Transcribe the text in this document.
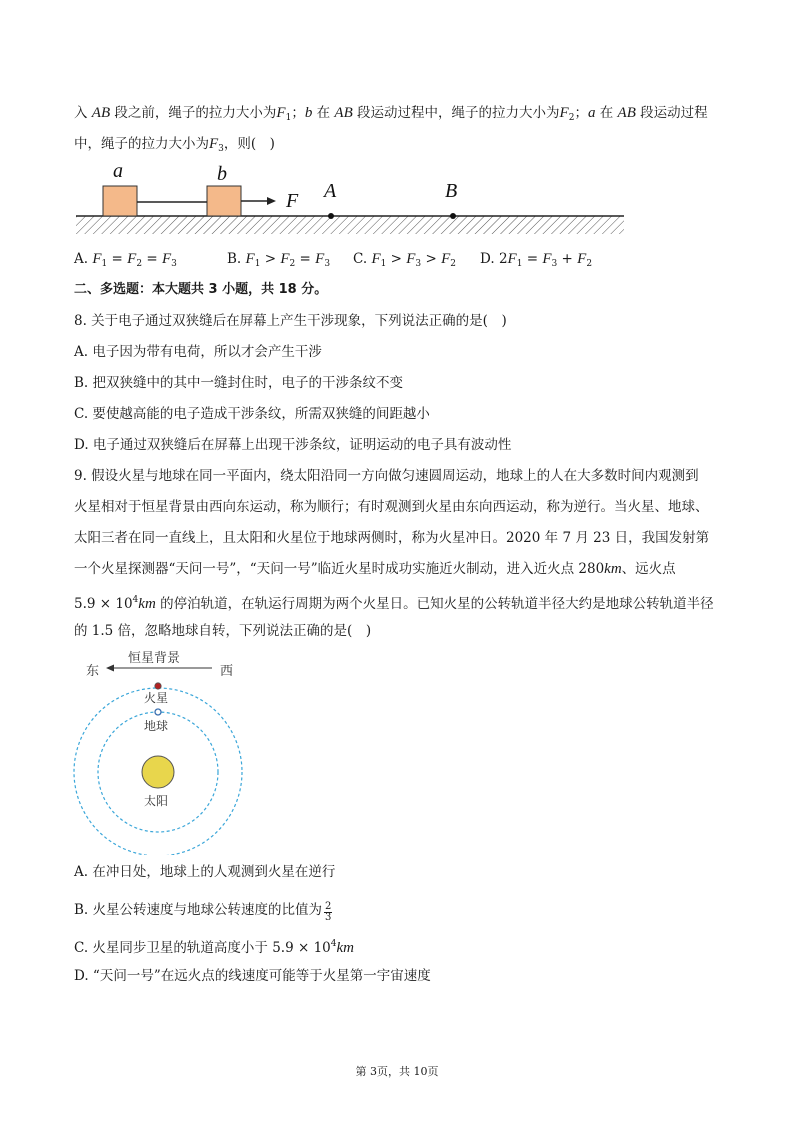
入 AB 段之前，绳子的拉力大小为$F_1$；b 在 AB 段运动过程中，绳子的拉力大小为$F_2$；a 在 AB 段运动过程
中，绳子的拉力大小为$F_3$，则(　)
a	b
F A	B
A. $F_1 = F_2 = F_3$	B. $F_1 > F_2 = F_3$ C. $F_1 > F_3 > F_2$ D. $2F_1 = F_3 + F_2$
二、多选题：本大题共 3 小题，共 18 分。
8. 关于电子通过双狭缝后在屏幕上产生干涉现象，下列说法正确的是(　)
A. 电子因为带有电荷，所以才会产生干涉
B. 把双狭缝中的其中一缝封住时，电子的干涉条纹不变
C. 要使越高能的电子造成干涉条纹，所需双狭缝的间距越小
D. 电子通过双狭缝后在屏幕上出现干涉条纹，证明运动的电子具有波动性
9. 假设火星与地球在同一平面内，绕太阳沿同一方向做匀速圆周运动，地球上的人在大多数时间内观测到
火星相对于恒星背景由西向东运动，称为顺行；有时观测到火星由东向西运动，称为逆行。当火星、地球、
太阳三者在同一直线上，且太阳和火星位于地球两侧时，称为火星冲日。2020 年 7 月 23 日，我国发射第
一个火星探测器“天问一号”，“天问一号”临近火星时成功实施近火制动，进入近火点 280km、远火点
$5.9 \times 10^4km$ 的停泊轨道，在轨运行周期为两个火星日。已知火星的公转轨道半径大约是地球公转轨道半径
的 1.5 倍，忽略地球自转，下列说法正确的是(　)
东
恒星背景
西
火星
地球
太阳
A. 在冲日处，地球上的人观测到火星在逆行
B. 火星公转速度与地球公转速度的比值为 $\frac{2}{3}$
C. 火星同步卫星的轨道高度小于 $5.9 \times 10^4km$
D. “天问一号”在远火点的线速度可能等于火星第一宇宙速度
第 3页，共 10页
